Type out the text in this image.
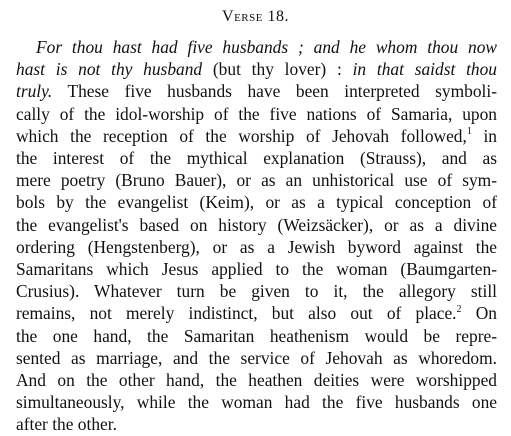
Verse 18.
For thou hast had five husbands ; and he whom thou now
hast is not thy husband (but thy lover) : in that saidst thou
truly. These five husbands have been interpreted symboli-
cally of the idol-worship of the five nations of Samaria, upon
which the reception of the worship of Jehovah followed,$^1$ in
the interest of the mythical explanation (Strauss), and as
mere poetry (Bruno Bauer), or as an unhistorical use of sym-
bols by the evangelist (Keim), or as a typical conception of
the evangelist's based on history (Weizsäcker), or as a divine
ordering (Hengstenberg), or as a Jewish byword against the
Samaritans which Jesus applied to the woman (Baumgarten-
Crusius). Whatever turn be given to it, the allegory still
remains, not merely indistinct, but also out of place.$^2$ On
the one hand, the Samaritan heathenism would be repre-
sented as marriage, and the service of Jehovah as whoredom.
And on the other hand, the heathen deities were worshipped
simultaneously, while the woman had the five husbands one
after the other.
